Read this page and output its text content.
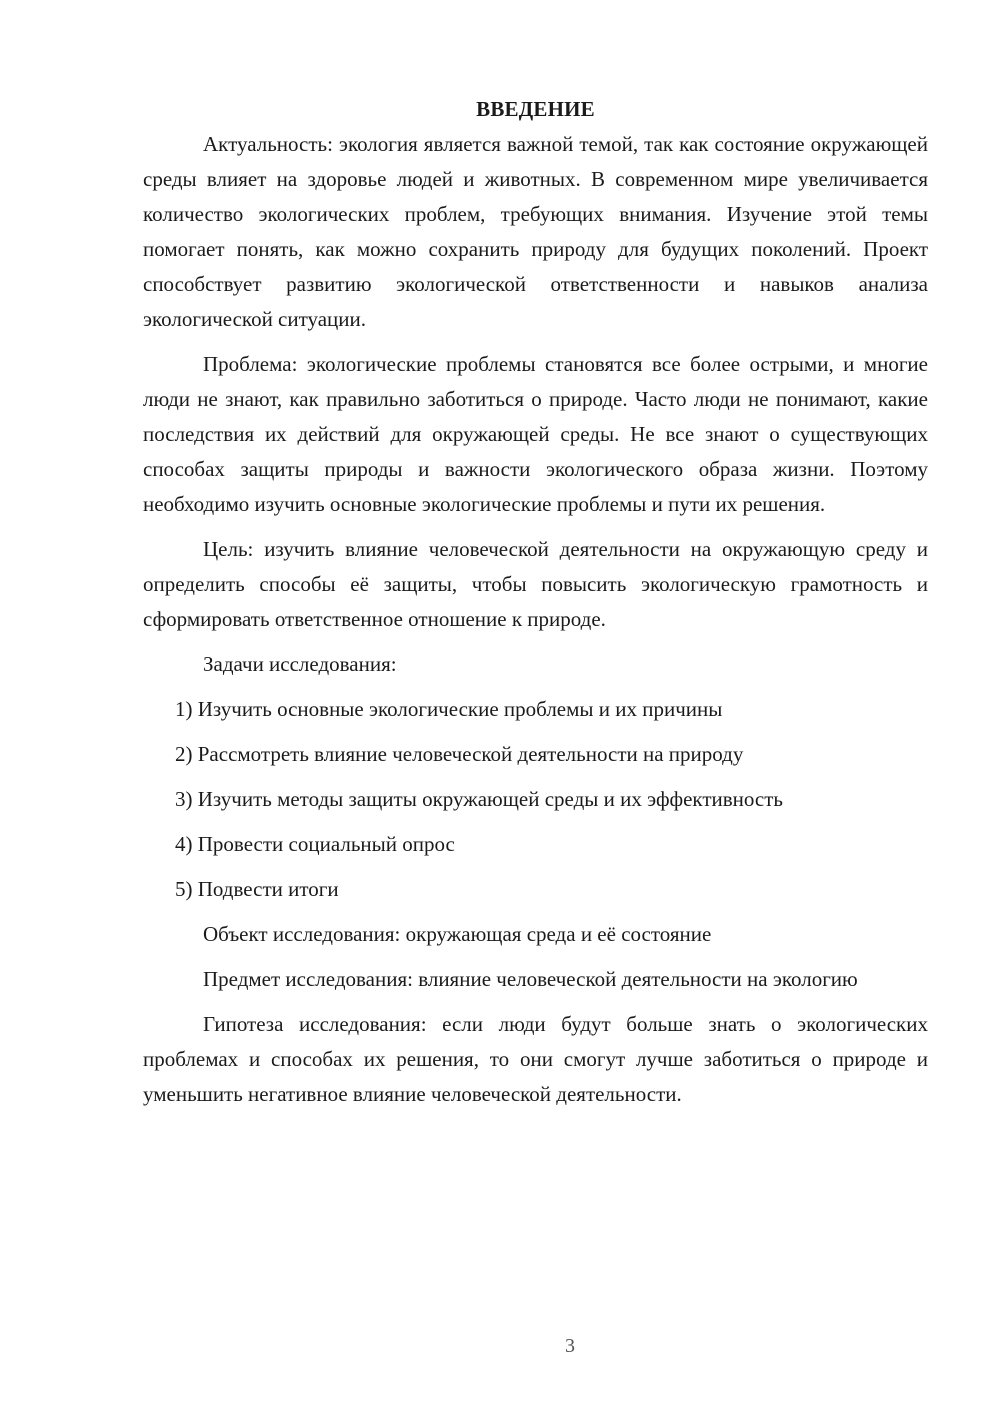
ВВЕДЕНИЕ

Актуальность: экология является важной темой, так как состояние окружающей среды влияет на здоровье людей и животных. В современном мире увеличивается количество экологических проблем, требующих внимания. Изучение этой темы помогает понять, как можно сохранить природу для будущих поколений. Проект способствует развитию экологической ответственности и навыков анализа экологической ситуации.

Проблема: экологические проблемы становятся все более острыми, и многие люди не знают, как правильно заботиться о природе. Часто люди не понимают, какие последствия их действий для окружающей среды. Не все знают о существующих способах защиты природы и важности экологического образа жизни. Поэтому необходимо изучить основные экологические проблемы и пути их решения.

Цель: изучить влияние человеческой деятельности на окружающую среду и определить способы её защиты, чтобы повысить экологическую грамотность и сформировать ответственное отношение к природе.

Задачи исследования:

1) Изучить основные экологические проблемы и их причины
2) Рассмотреть влияние человеческой деятельности на природу
3) Изучить методы защиты окружающей среды и их эффективность
4) Провести социальный опрос
5) Подвести итоги

Объект исследования: окружающая среда и её состояние

Предмет исследования: влияние человеческой деятельности на экологию

Гипотеза исследования: если люди будут больше знать о экологических проблемах и способах их решения, то они смогут лучше заботиться о природе и уменьшить негативное влияние человеческой деятельности.

3
